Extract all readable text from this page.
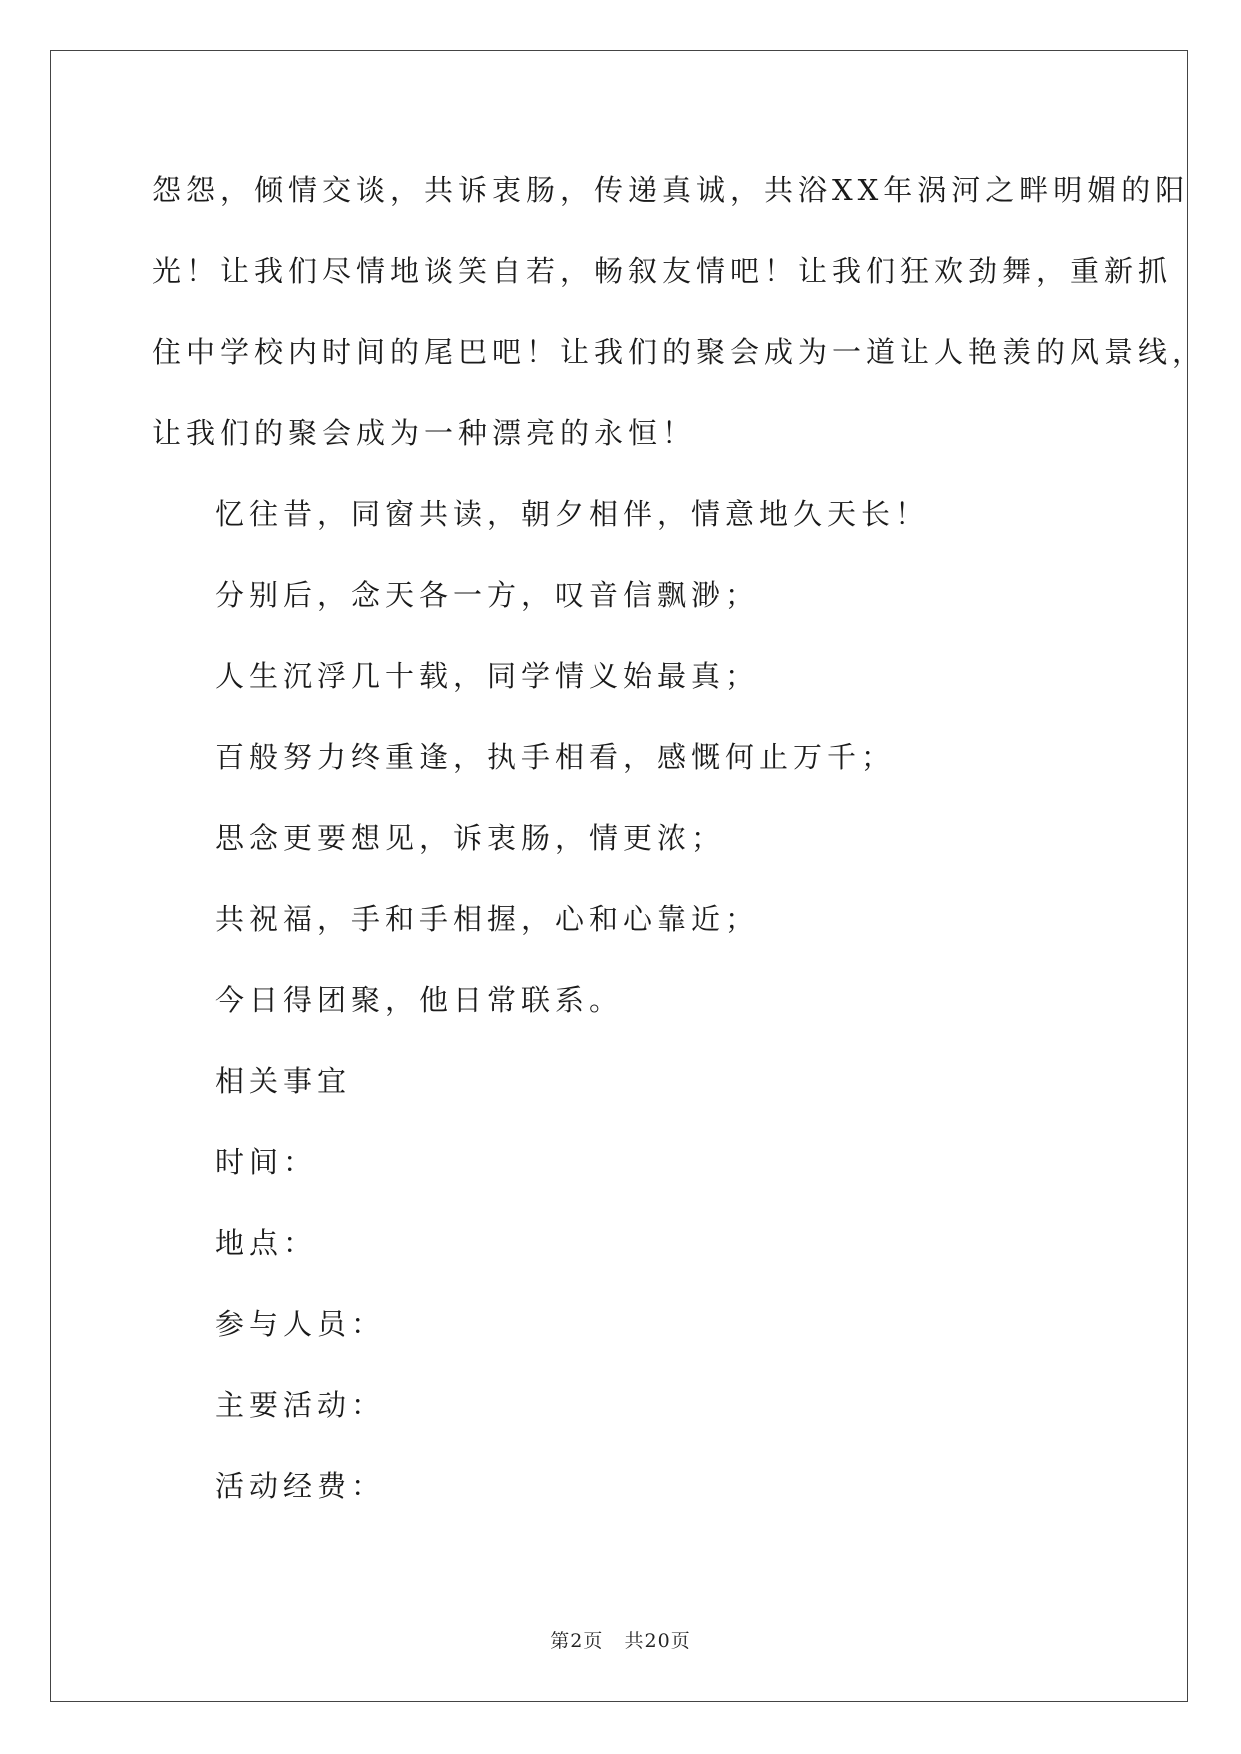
怨怨，倾情交谈，共诉衷肠，传递真诚，共浴XX年涡河之畔明媚的阳
光！让我们尽情地谈笑自若，畅叙友情吧！让我们狂欢劲舞，重新抓
住中学校内时间的尾巴吧！让我们的聚会成为一道让人艳羡的风景线，
让我们的聚会成为一种漂亮的永恒！
忆往昔，同窗共读，朝夕相伴，情意地久天长！
分别后，念天各一方，叹音信飘渺；
人生沉浮几十载，同学情义始最真；
百般努力终重逢，执手相看，感慨何止万千；
思念更要想见，诉衷肠，情更浓；
共祝福，手和手相握，心和心靠近；
今日得团聚，他日常联系。
相关事宜
时间：
地点：
参与人员：
主要活动：
活动经费：
第2页 共20页
